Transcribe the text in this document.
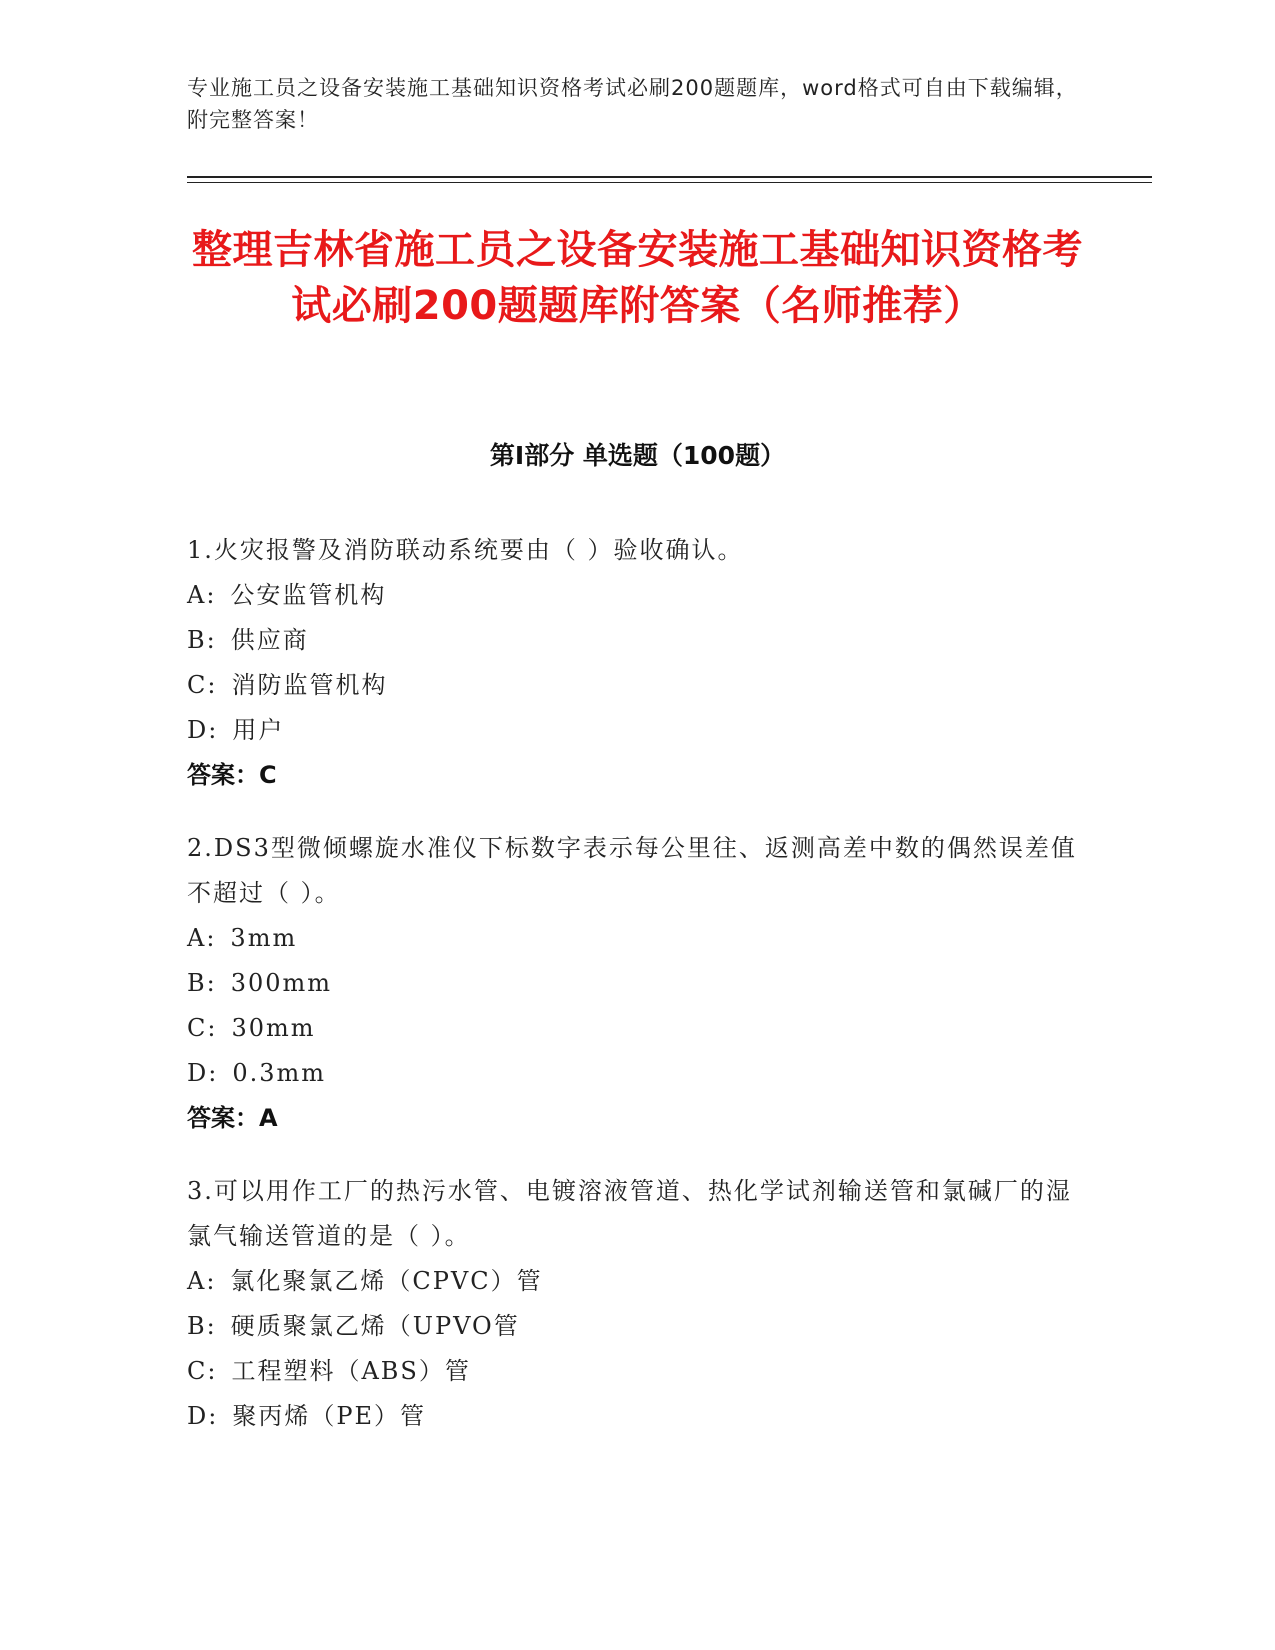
专业施工员之设备安装施工基础知识资格考试必刷200题题库，word格式可自由下载编辑，附完整答案！
整理吉林省施工员之设备安装施工基础知识资格考试必刷200题题库附答案（名师推荐）
第Ⅰ部分 单选题（100题）
1.火灾报警及消防联动系统要由（ ）验收确认。
A: 公安监管机构
B: 供应商
C: 消防监管机构
D: 用户
答案：C
2.DS3型微倾螺旋水准仪下标数字表示每公里往、返测高差中数的偶然误差值不超过（ ）。
A: 3mm
B: 300mm
C: 30mm
D: 0.3mm
答案：A
3.可以用作工厂的热污水管、电镀溶液管道、热化学试剂输送管和氯碱厂的湿氯气输送管道的是（ ）。
A: 氯化聚氯乙烯（CPVC）管
B: 硬质聚氯乙烯（UPVO管
C: 工程塑料（ABS）管
D: 聚丙烯（PE）管
